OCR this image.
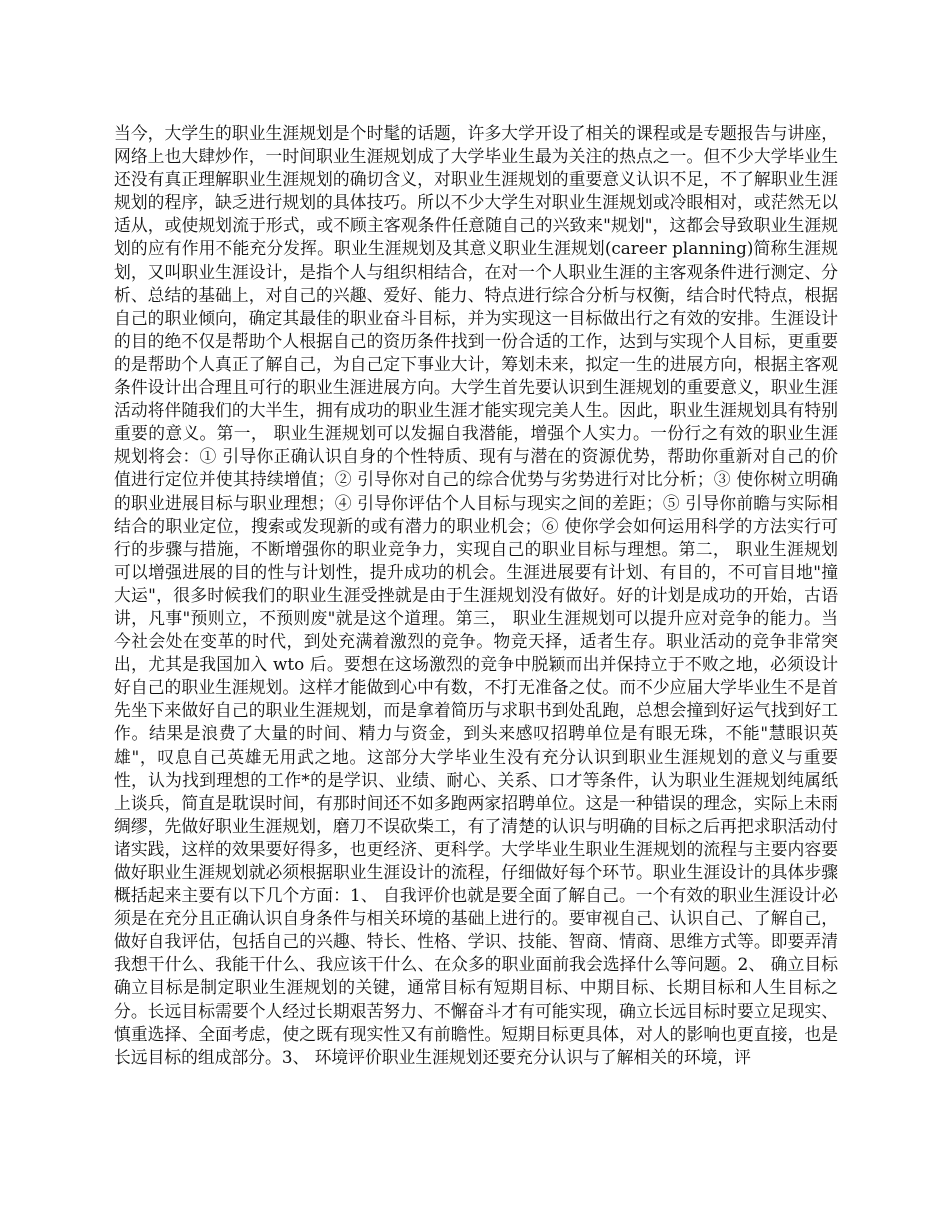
当今，大学生的职业生涯规划是个时髦的话题，许多大学开设了相关的课程或是专题报告与讲座，网络上也大肆炒作，一时间职业生涯规划成了大学毕业生最为关注的热点之一。但不少大学毕业生还没有真正理解职业生涯规划的确切含义，对职业生涯规划的重要意义认识不足，不了解职业生涯规划的程序，缺乏进行规划的具体技巧。所以不少大学生对职业生涯规划或冷眼相对，或茫然无以适从，或使规划流于形式，或不顾主客观条件任意随自己的兴致来"规划"，这都会导致职业生涯规划的应有作用不能充分发挥。职业生涯规划及其意义职业生涯规划(career planning)简称生涯规划，又叫职业生涯设计，是指个人与组织相结合，在对一个人职业生涯的主客观条件进行测定、分析、总结的基础上，对自己的兴趣、爱好、能力、特点进行综合分析与权衡，结合时代特点，根据自己的职业倾向，确定其最佳的职业奋斗目标，并为实现这一目标做出行之有效的安排。生涯设计的目的绝不仅是帮助个人根据自己的资历条件找到一份合适的工作，达到与实现个人目标，更重要的是帮助个人真正了解自己，为自己定下事业大计，筹划未来，拟定一生的进展方向，根据主客观条件设计出合理且可行的职业生涯进展方向。大学生首先要认识到生涯规划的重要意义，职业生涯活动将伴随我们的大半生，拥有成功的职业生涯才能实现完美人生。因此，职业生涯规划具有特别重要的意义。第一， 职业生涯规划可以发掘自我潜能，增强个人实力。一份行之有效的职业生涯规划将会：① 引导你正确认识自身的个性特质、现有与潜在的资源优势，帮助你重新对自己的价值进行定位并使其持续增值；② 引导你对自己的综合优势与劣势进行对比分析；③ 使你树立明确的职业进展目标与职业理想；④ 引导你评估个人目标与现实之间的差距；⑤ 引导你前瞻与实际相结合的职业定位，搜索或发现新的或有潜力的职业机会；⑥ 使你学会如何运用科学的方法实行可行的步骤与措施，不断增强你的职业竞争力，实现自己的职业目标与理想。第二， 职业生涯规划可以增强进展的目的性与计划性，提升成功的机会。生涯进展要有计划、有目的，不可盲目地"撞大运"，很多时候我们的职业生涯受挫就是由于生涯规划没有做好。好的计划是成功的开始，古语讲，凡事"预则立，不预则废"就是这个道理。第三， 职业生涯规划可以提升应对竞争的能力。当今社会处在变革的时代，到处充满着激烈的竞争。物竞天择，适者生存。职业活动的竞争非常突出，尤其是我国加入 wto 后。要想在这场激烈的竞争中脱颖而出并保持立于不败之地，必须设计好自己的职业生涯规划。这样才能做到心中有数，不打无准备之仗。而不少应届大学毕业生不是首先坐下来做好自己的职业生涯规划，而是拿着简历与求职书到处乱跑，总想会撞到好运气找到好工作。结果是浪费了大量的时间、精力与资金，到头来感叹招聘单位是有眼无珠，不能"慧眼识英雄"，叹息自己英雄无用武之地。这部分大学毕业生没有充分认识到职业生涯规划的意义与重要性，认为找到理想的工作*的是学识、业绩、耐心、关系、口才等条件，认为职业生涯规划纯属纸上谈兵，简直是耽误时间，有那时间还不如多跑两家招聘单位。这是一种错误的理念，实际上未雨绸缪，先做好职业生涯规划，磨刀不误砍柴工，有了清楚的认识与明确的目标之后再把求职活动付诸实践，这样的效果要好得多，也更经济、更科学。大学毕业生职业生涯规划的流程与主要内容要做好职业生涯规划就必须根据职业生涯设计的流程，仔细做好每个环节。职业生涯设计的具体步骤概括起来主要有以下几个方面：1、 自我评价也就是要全面了解自己。一个有效的职业生涯设计必须是在充分且正确认识自身条件与相关环境的基础上进行的。要审视自己、认识自己、了解自己，做好自我评估，包括自己的兴趣、特长、性格、学识、技能、智商、情商、思维方式等。即要弄清我想干什么、我能干什么、我应该干什么、在众多的职业面前我会选择什么等问题。2、 确立目标确立目标是制定职业生涯规划的关键，通常目标有短期目标、中期目标、长期目标和人生目标之分。长远目标需要个人经过长期艰苦努力、不懈奋斗才有可能实现，确立长远目标时要立足现实、慎重选择、全面考虑，使之既有现实性又有前瞻性。短期目标更具体，对人的影响也更直接，也是长远目标的组成部分。3、 环境评价职业生涯规划还要充分认识与了解相关的环境，评
